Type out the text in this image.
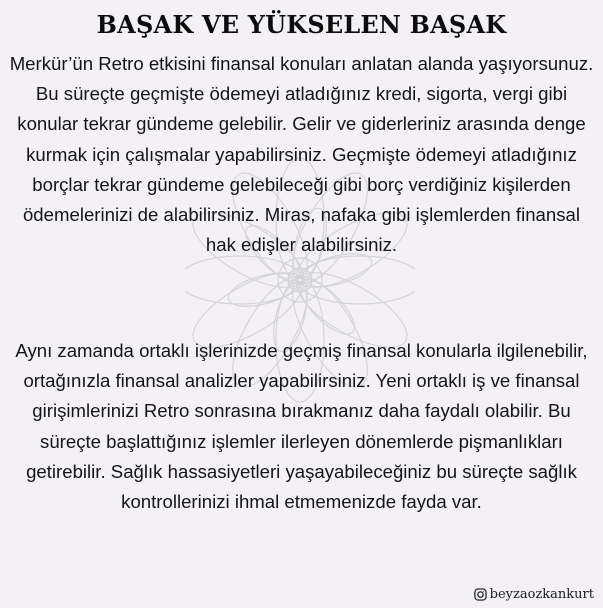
BAŞAK VE YÜKSELEN BAŞAK
Merkür’ün Retro etkisini finansal konuları anlatan alanda yaşıyorsunuz. Bu süreçte geçmişte ödemeyi atladığınız kredi, sigorta, vergi gibi konular tekrar gündeme gelebilir. Gelir ve giderleriniz arasında denge kurmak için çalışmalar yapabilirsiniz. Geçmişte ödemeyi atladığınız borçlar tekrar gündeme gelebileceği gibi borç verdiğiniz kişilerden ödemelerinizi de alabilirsiniz. Miras, nafaka gibi işlemlerden finansal hak edişler alabilirsiniz.
Aynı zamanda ortaklı işlerinizde geçmiş finansal konularla ilgilenebilir, ortağınızla finansal analizler yapabilirsiniz. Yeni ortaklı iş ve finansal girişimlerinizi Retro sonrasına bırakmanız daha faydalı olabilir. Bu süreçte başlattığınız işlemler ilerleyen dönemlerde pişmanlıkları getirebilir. Sağlık hassasiyetleri yaşayabileceğiniz bu süreçte sağlık kontrollerinizi ihmal etmemenizde fayda var.
beyzaozkankurt
